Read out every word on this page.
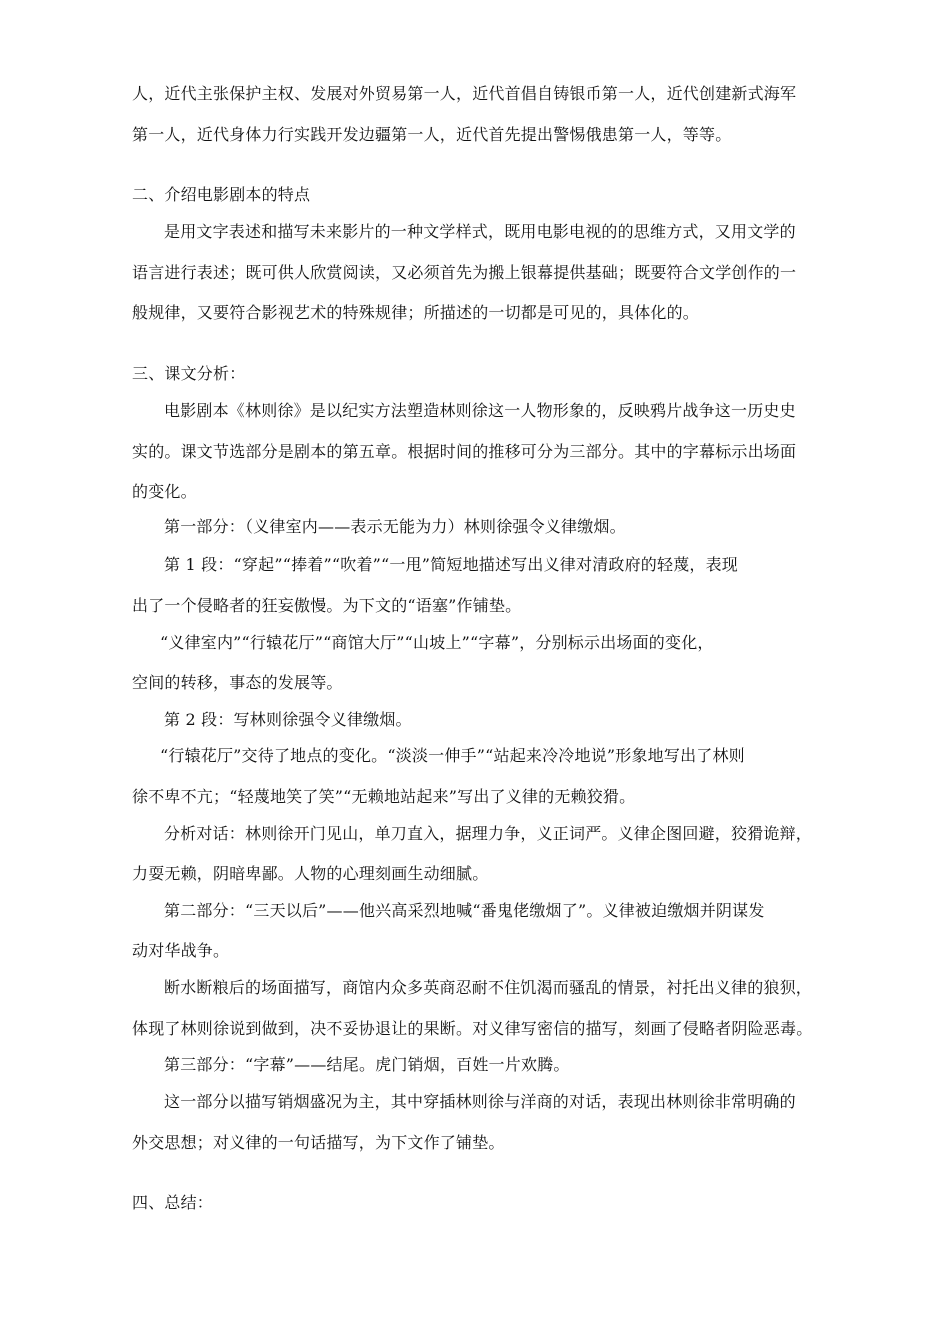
人，近代主张保护主权、发展对外贸易第一人，近代首倡自铸银币第一人，近代创建新式海军
第一人，近代身体力行实践开发边疆第一人，近代首先提出警惕俄患第一人，等等。
二、介绍电影剧本的特点
是用文字表述和描写未来影片的一种文学样式，既用电影电视的的思维方式，又用文学的
语言进行表述；既可供人欣赏阅读，又必须首先为搬上银幕提供基础；既要符合文学创作的一
般规律，又要符合影视艺术的特殊规律；所描述的一切都是可见的，具体化的。
三、课文分析：
电影剧本《林则徐》是以纪实方法塑造林则徐这一人物形象的，反映鸦片战争这一历史史
实的。课文节选部分是剧本的第五章。根据时间的推移可分为三部分。其中的字幕标示出场面
的变化。
第一部分：（义律室内——表示无能为力）林则徐强令义律缴烟。
第 1 段：“穿起”“捧着”“吹着”“一甩”简短地描述写出义律对清政府的轻蔑，表现
出了一个侵略者的狂妄傲慢。为下文的“语塞”作铺垫。
“义律室内”“行辕花厅”“商馆大厅”“山坡上”“字幕”，分别标示出场面的变化，
空间的转移，事态的发展等。
第 2 段：写林则徐强令义律缴烟。
“行辕花厅”交待了地点的变化。“淡淡一伸手”“站起来冷冷地说”形象地写出了林则
徐不卑不亢；“轻蔑地笑了笑”“无赖地站起来”写出了义律的无赖狡猾。
分析对话：林则徐开门见山，单刀直入，据理力争，义正词严。义律企图回避，狡猾诡辩，
力耍无赖，阴暗卑鄙。人物的心理刻画生动细腻。
第二部分：“三天以后”——他兴高采烈地喊“番鬼佬缴烟了”。义律被迫缴烟并阴谋发
动对华战争。
断水断粮后的场面描写，商馆内众多英商忍耐不住饥渴而骚乱的情景，衬托出义律的狼狈，
体现了林则徐说到做到，决不妥协退让的果断。对义律写密信的描写，刻画了侵略者阴险恶毒。
第三部分：“字幕”——结尾。虎门销烟，百姓一片欢腾。
这一部分以描写销烟盛况为主，其中穿插林则徐与洋商的对话，表现出林则徐非常明确的
外交思想；对义律的一句话描写，为下文作了铺垫。
四、总结：
